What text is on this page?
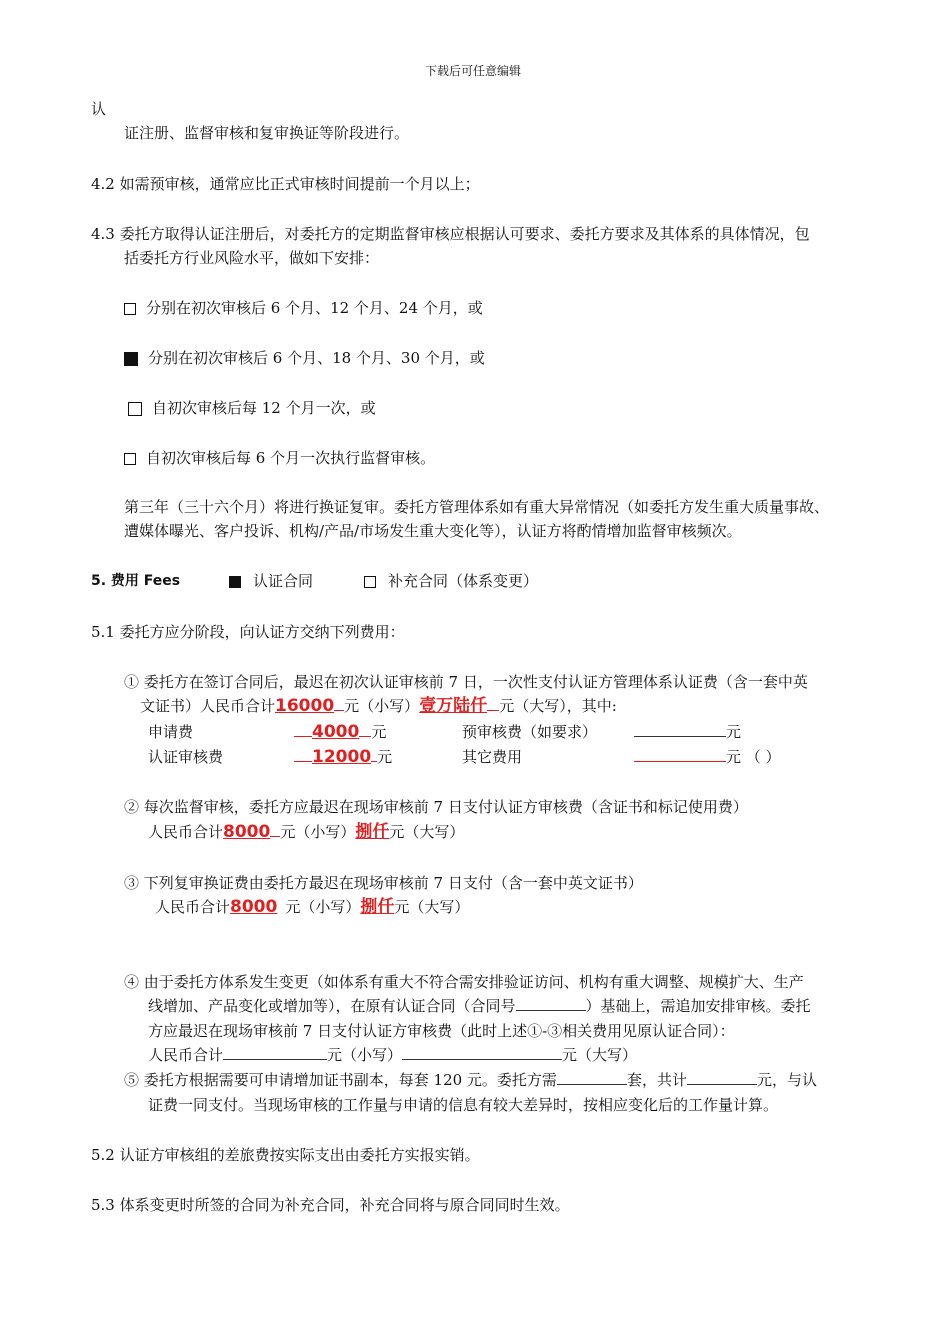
下载后可任意编辑
认
证注册、监督审核和复审换证等阶段进行。
4.2 如需预审核，通常应比正式审核时间提前一个月以上；
4.3 委托方取得认证注册后，对委托方的定期监督审核应根据认可要求、委托方要求及其体系的具体情况，包
括委托方行业风险水平，做如下安排：
分别在初次审核后 6 个月、12 个月、24 个月，或
分别在初次审核后 6 个月、18 个月、30 个月，或
自初次审核后每 12 个月一次，或
自初次审核后每 6 个月一次执行监督审核。
第三年（三十六个月）将进行换证复审。委托方管理体系如有重大异常情况（如委托方发生重大质量事故、
遭媒体曝光、客户投诉、机构/产品/市场发生重大变化等），认证方将酌情增加监督审核频次。
5. 费用 Fees	认证合同	补充合同（体系变更）
5.1 委托方应分阶段，向认证方交纳下列费用：
① 委托方在签订合同后，最迟在初次认证审核前 7 日，一次性支付认证方管理体系认证费（含一套中英
文证书）人民币合计16000 元（小写）壹万陆仟 元（大写），其中:
申请费	4000 元	预审核费（如要求）	元
认证审核费	12000 元	其它费用	元 （ ）
② 每次监督审核，委托方应最迟在现场审核前 7 日支付认证方审核费（含证书和标记使用费）
人民币合计8000 元（小写）捌仟元（大写）
③ 下列复审换证费由委托方最迟在现场审核前 7 日支付（含一套中英文证书）
人民币合计8000 元（小写）捌仟元（大写）
④ 由于委托方体系发生变更（如体系有重大不符合需安排验证访问、机构有重大调整、规模扩大、生产
线增加、产品变化或增加等），在原有认证合同（合同号	）基础上，需追加安排审核。委托
方应最迟在现场审核前 7 日支付认证方审核费（此时上述①-③相关费用见原认证合同）：
人民币合计	元（小写）	元（大写）
⑤ 委托方根据需要可申请增加证书副本，每套 120 元。委托方需	套，共计	元，与认
证费一同支付。当现场审核的工作量与申请的信息有较大差异时，按相应变化后的工作量计算。
5.2 认证方审核组的差旅费按实际支出由委托方实报实销。
5.3 体系变更时所签的合同为补充合同，补充合同将与原合同同时生效。
